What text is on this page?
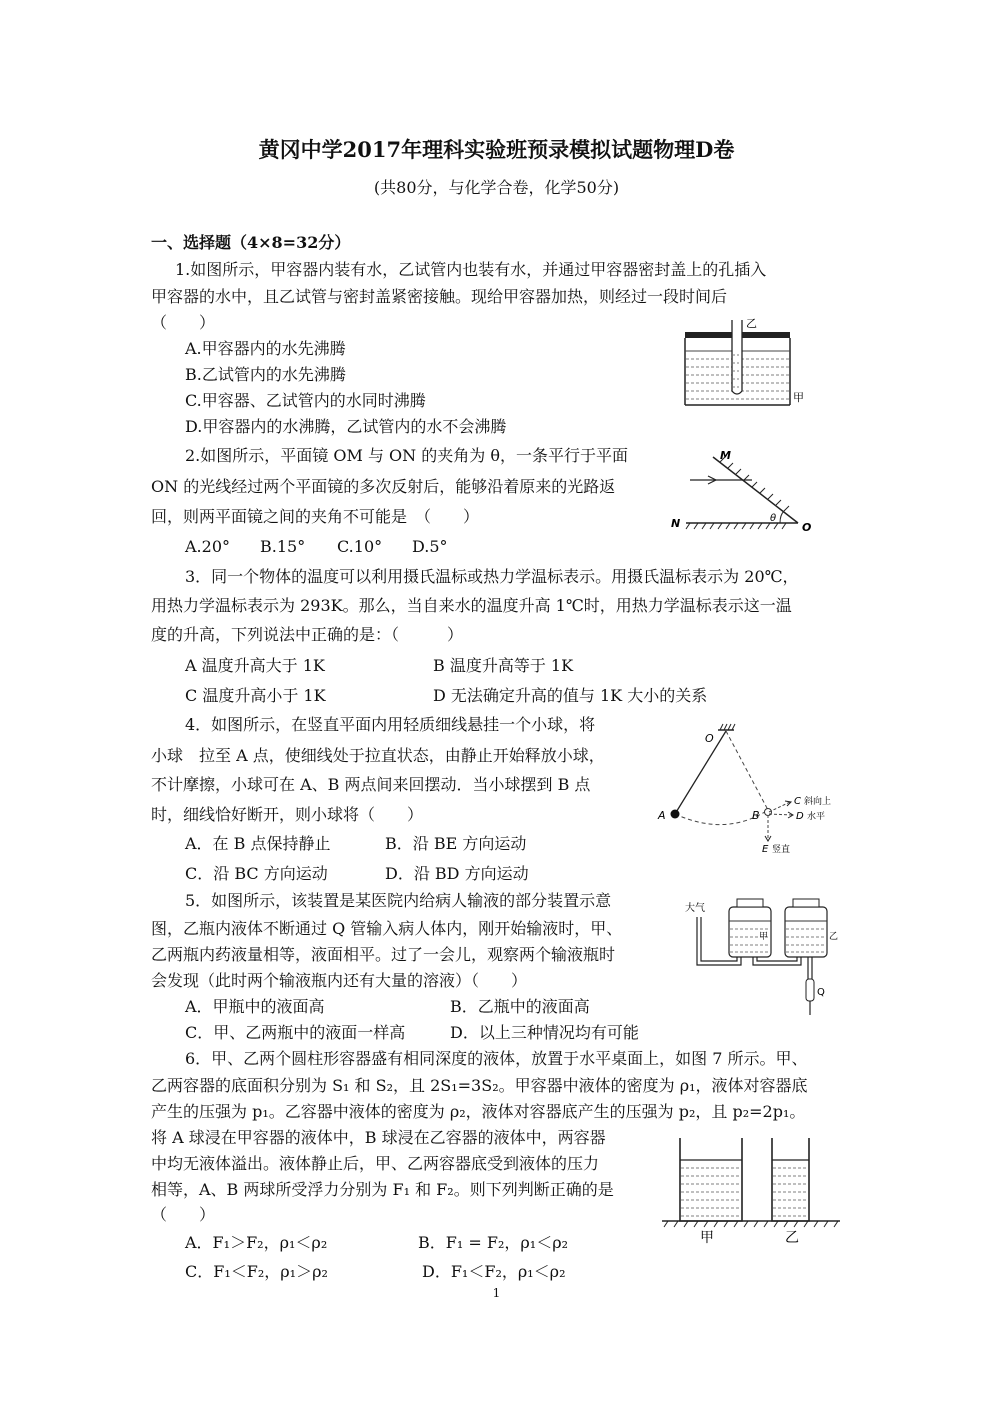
黄冈中学2017年理科实验班预录模拟试题物理D卷
(共80分，与化学合卷，化学50分)
一、选择题（4×8=32分）
1.如图所示，甲容器内装有水，乙试管内也装有水，并通过甲容器密封盖上的孔插入
甲容器的水中，且乙试管与密封盖紧密接触。现给甲容器加热，则经过一段时间后
（　　）
A.甲容器内的水先沸腾
B.乙试管内的水先沸腾
C.甲容器、乙试管内的水同时沸腾
D.甲容器内的水沸腾，乙试管内的水不会沸腾
乙
甲
2.如图所示，平面镜 OM 与 ON 的夹角为 θ，一条平行于平面
ON 的光线经过两个平面镜的多次反射后，能够沿着原来的光路返
回，则两平面镜之间的夹角不可能是　（　　）
A.20° B.15° C.10° D.5°
M
N	O
θ
3．同一个物体的温度可以利用摄氏温标或热力学温标表示。用摄氏温标表示为 20℃，
用热力学温标表示为 293K。那么，当自来水的温度升高 1℃时，用热力学温标表示这一温
度的升高，下列说法中正确的是：（　　　）
A 温度升高大于 1K	B 温度升高等于 1K
C 温度升高小于 1K	D 无法确定升高的值与 1K 大小的关系
4．如图所示，在竖直平面内用轻质细线悬挂一个小球，将
小球　拉至 A 点，使细线处于拉直状态，由静止开始释放小球，
不计摩擦，小球可在 A、B 两点间来回摆动．当小球摆到 B 点
时，细线恰好断开，则小球将（　　）
A．在 B 点保持静止	B．沿 BE 方向运动
C．沿 BC 方向运动	D．沿 BD 方向运动
O
A	B
C 斜向上
D 水平
E 竖直
5．如图所示，该装置是某医院内给病人输液的部分装置示意
图，乙瓶内液体不断通过 Q 管输入病人体内，刚开始输液时，甲、
乙两瓶内药液量相等，液面相平。过了一会儿，观察两个输液瓶时
会发现（此时两个输液瓶内还有大量的溶液）（　　）
A．甲瓶中的液面高	B．乙瓶中的液面高
C．甲、乙两瓶中的液面一样高	D．以上三种情况均有可能
大气
甲	乙
Q
6．甲、乙两个圆柱形容器盛有相同深度的液体，放置于水平桌面上，如图 7 所示。甲、
乙两容器的底面积分别为 S₁ 和 S₂，且 2S₁=3S₂。甲容器中液体的密度为 ρ₁，液体对容器底
产生的压强为 p₁。乙容器中液体的密度为 ρ₂，液体对容器底产生的压强为 p₂，且 p₂=2p₁。
将 A 球浸在甲容器的液体中，B 球浸在乙容器的液体中，两容器
中均无液体溢出。液体静止后，甲、乙两容器底受到液体的压力
相等，A、B 两球所受浮力分别为 F₁ 和 F₂。则下列判断正确的是
（　　）
A．F₁＞F₂，ρ₁＜ρ₂	B．F₁ = F₂，ρ₁＜ρ₂
C．F₁＜F₂，ρ₁＞ρ₂	D．F₁＜F₂，ρ₁＜ρ₂
甲	乙
1
